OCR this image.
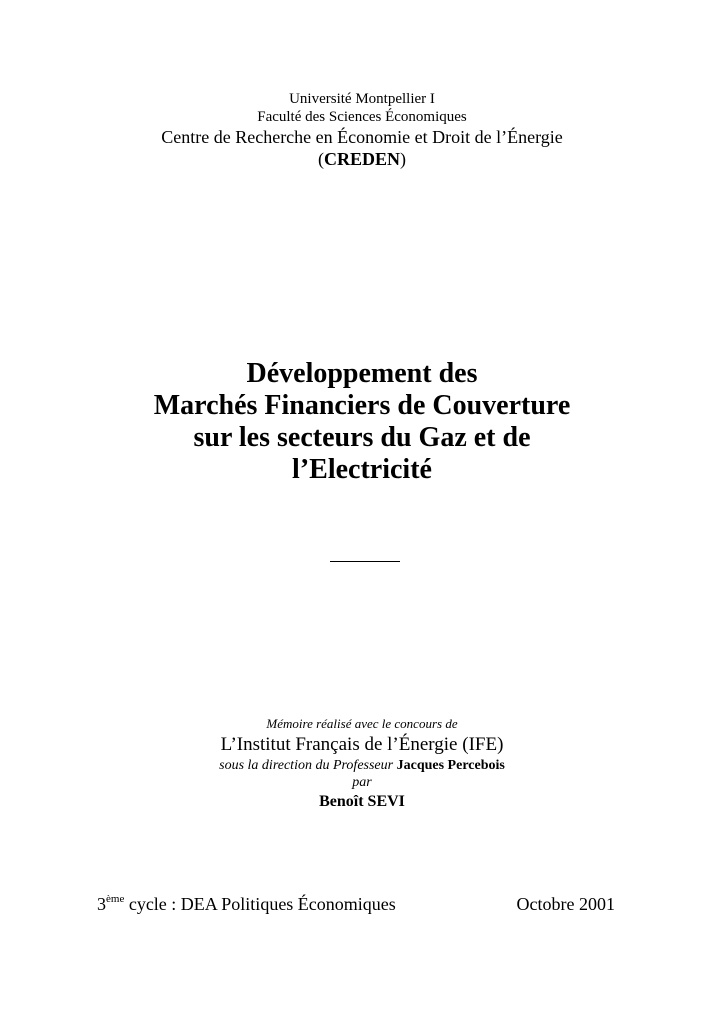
Université Montpellier I
Faculté des Sciences Économiques
Centre de Recherche en Économie et Droit de l’Énergie
(CREDEN)
Développement des
Marchés Financiers de Couverture
sur les secteurs du Gaz et de
l’Electricité
Mémoire réalisé avec le concours de
L’Institut Français de l’Énergie (IFE)
sous la direction du Professeur Jacques Percebois
par
Benoît SEVI
3ème cycle : DEA Politiques Économiques	Octobre 2001
